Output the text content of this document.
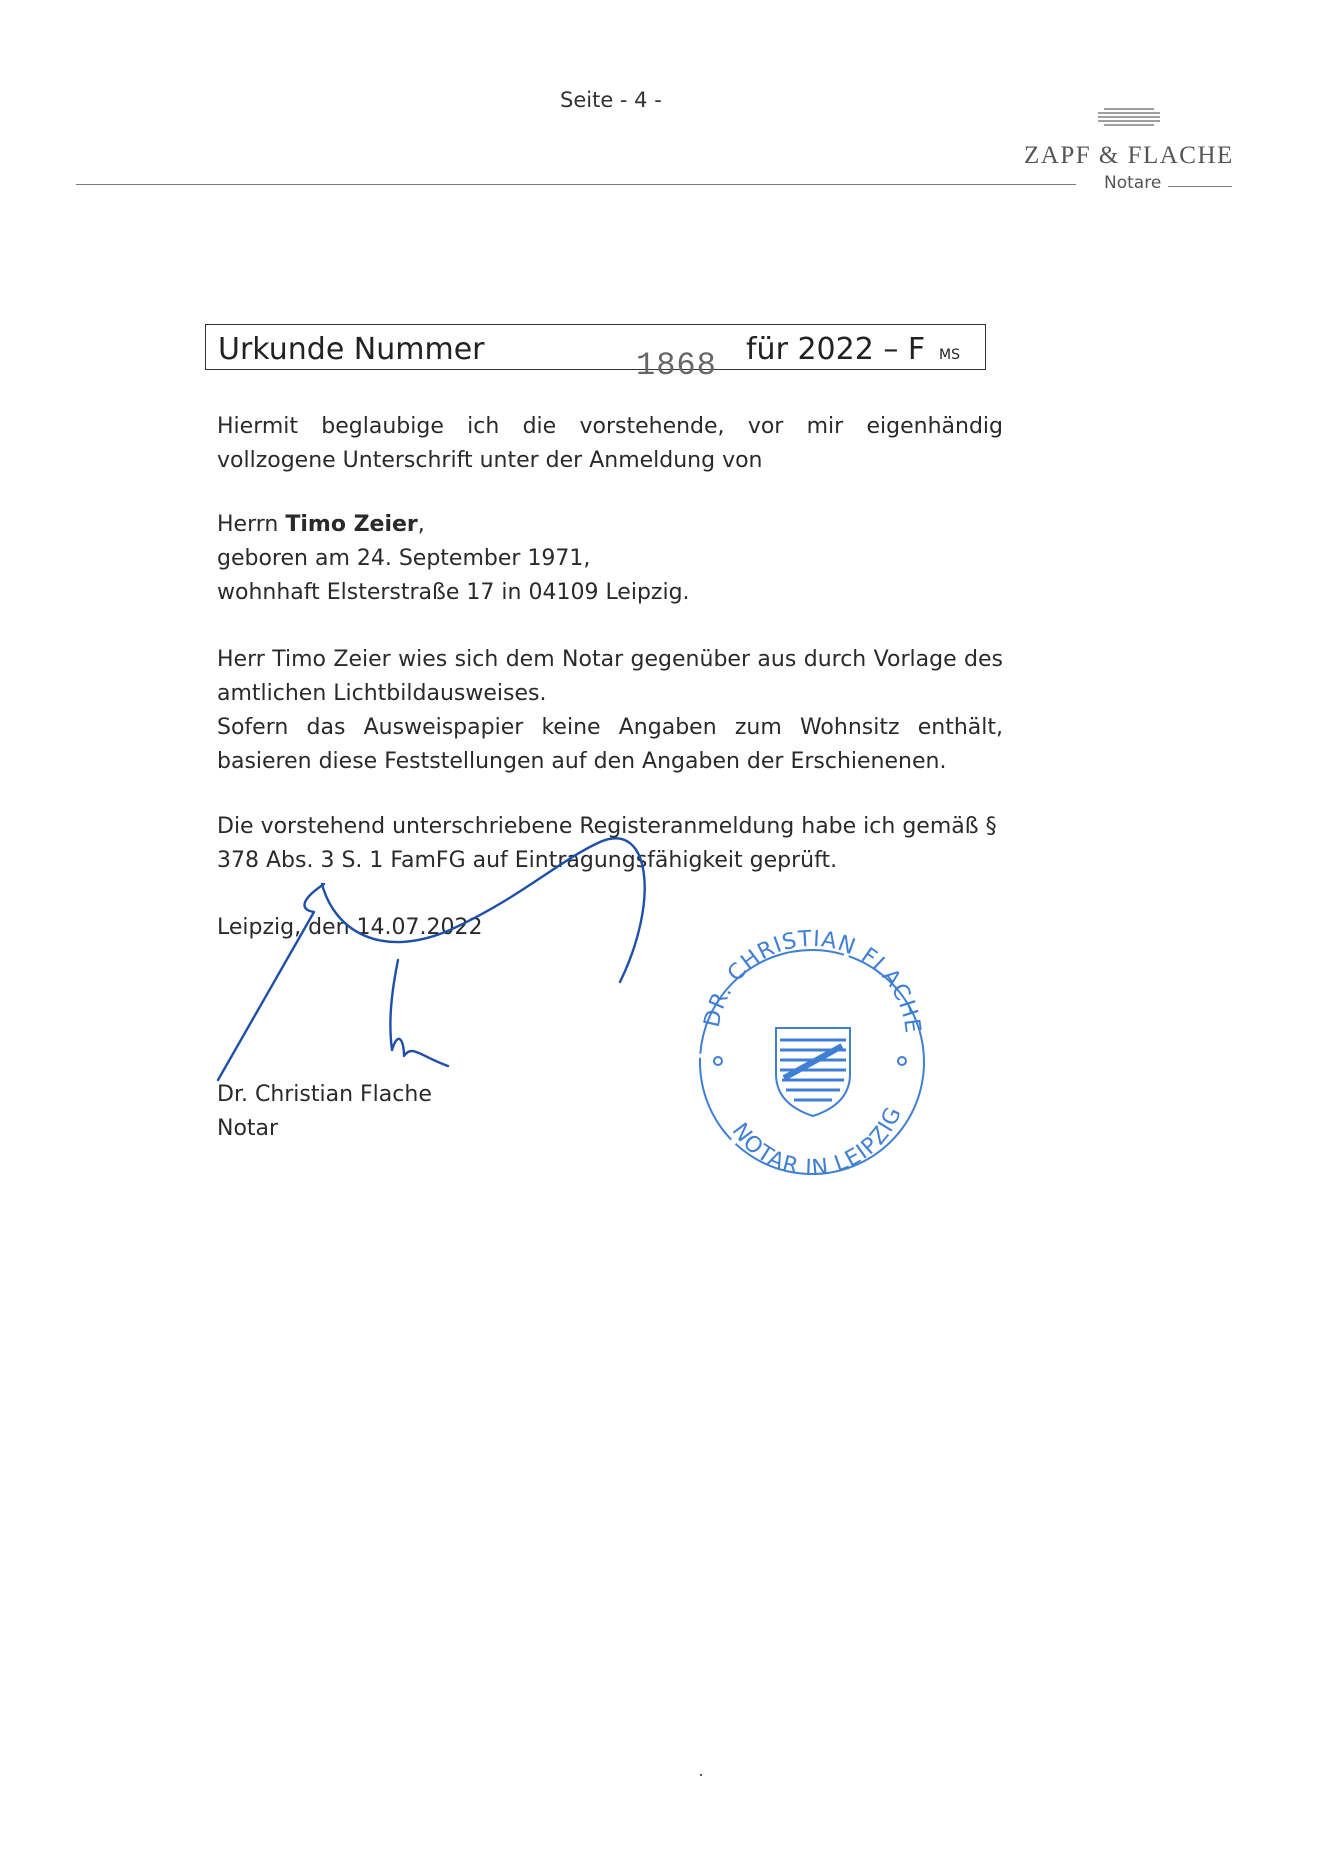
Seite - 4 -
ZAPF & FLACHE
Notare
Urkunde Nummer	1868 für 2022 – F MS
Hiermit beglaubige ich die vorstehende, vor mir eigenhändig vollzogene Unterschrift unter der Anmeldung von
Herrn Timo Zeier,
geboren am 24. September 1971,
wohnhaft Elsterstraße 17 in 04109 Leipzig.
Herr Timo Zeier wies sich dem Notar gegenüber aus durch Vorlage des amtlichen Lichtbildausweises.
Sofern das Ausweispapier keine Angaben zum Wohnsitz enthält, basieren diese Feststellungen auf den Angaben der Erschienenen.
Die vorstehend unterschriebene Registeranmeldung habe ich gemäß § 378 Abs. 3 S. 1 FamFG auf Eintragungsfähigkeit geprüft.
Leipzig, den 14.07.2022
Dr. Christian Flache
Notar
DR. CHRISTIAN FLACHE
NOTAR IN LEIPZIG
